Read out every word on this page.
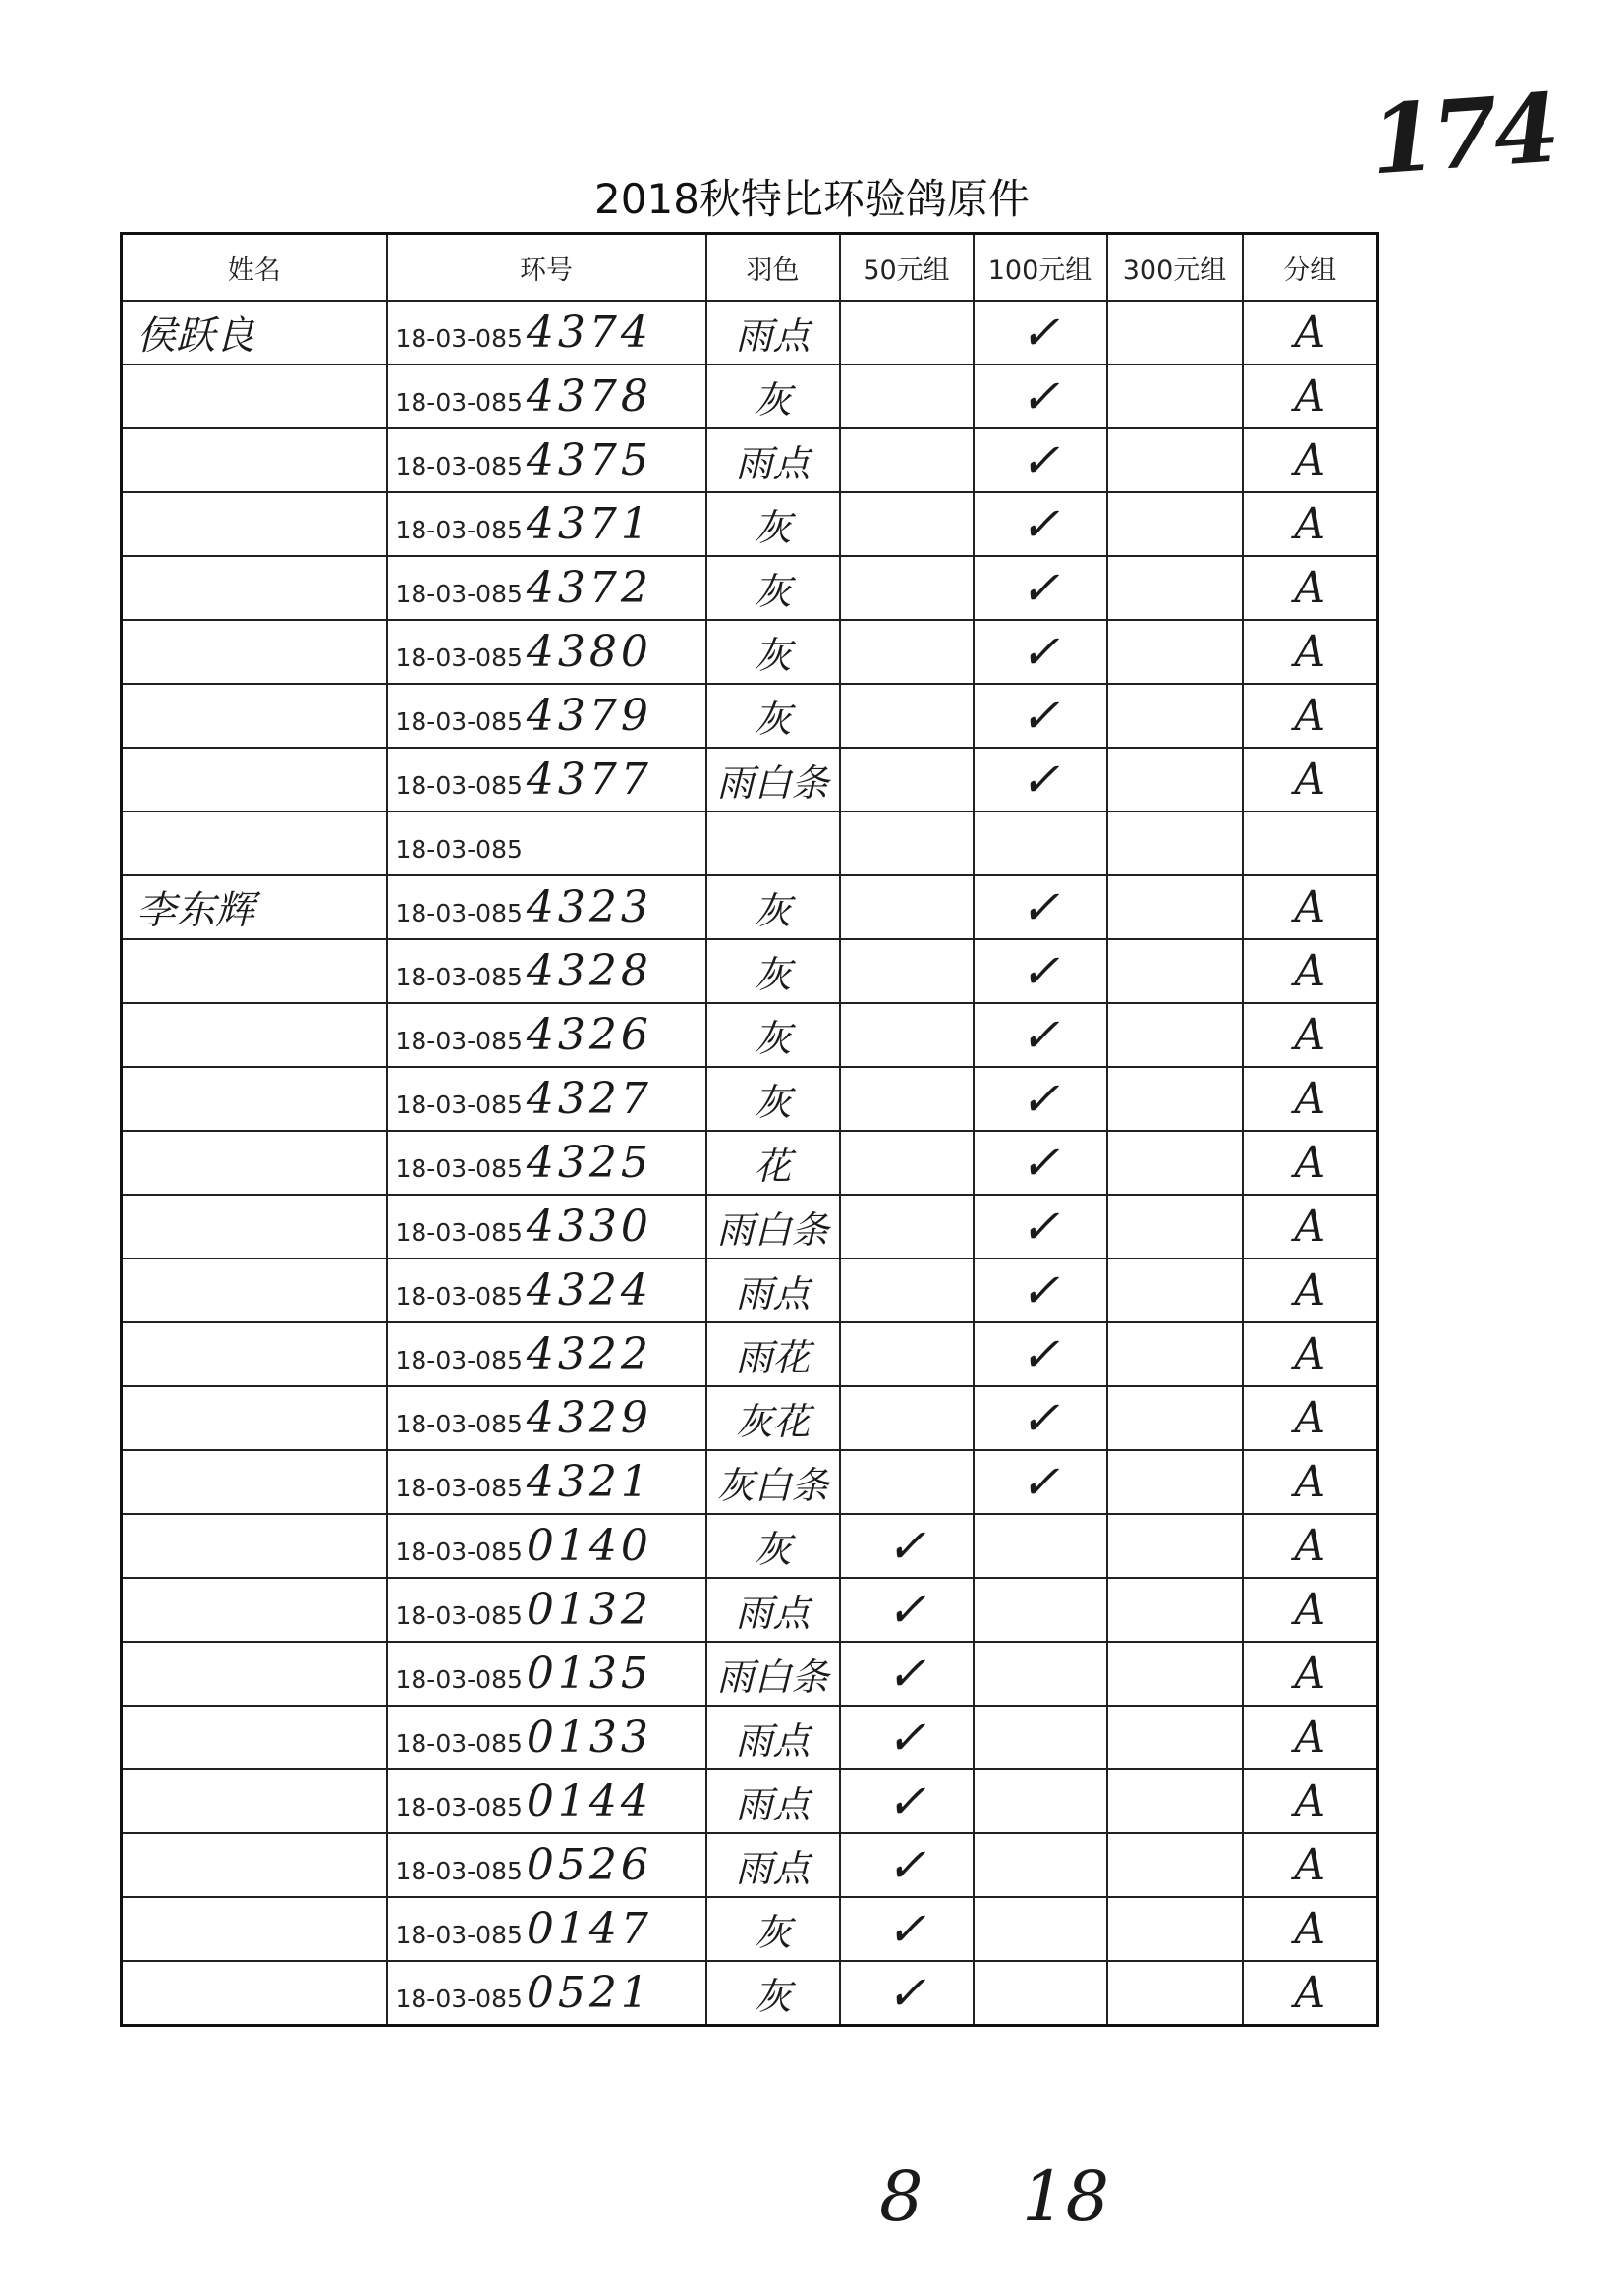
174
2018秋特比环验鸽原件
姓名	环号	羽色	50元组	100元组	300元组	分组
侯跃良	18-03-0854374	雨点		✓		A
	18-03-0854378	灰		✓		A
	18-03-0854375	雨点		✓		A
	18-03-0854371	灰		✓		A
	18-03-0854372	灰		✓		A
	18-03-0854380	灰		✓		A
	18-03-0854379	灰		✓		A
	18-03-0854377	雨白条		✓		A
	18-03-085					
李东辉	18-03-0854323	灰		✓		A
	18-03-0854328	灰		✓		A
	18-03-0854326	灰		✓		A
	18-03-0854327	灰		✓		A
	18-03-0854325	花		✓		A
	18-03-0854330	雨白条		✓		A
	18-03-0854324	雨点		✓		A
	18-03-0854322	雨花		✓		A
	18-03-0854329	灰花		✓		A
	18-03-0854321	灰白条		✓		A
	18-03-0850140	灰	✓			A
	18-03-0850132	雨点	✓			A
	18-03-0850135	雨白条	✓			A
	18-03-0850133	雨点	✓			A
	18-03-0850144	雨点	✓			A
	18-03-0850526	雨点	✓			A
	18-03-0850147	灰	✓			A
	18-03-0850521	灰	✓			A
8 18
